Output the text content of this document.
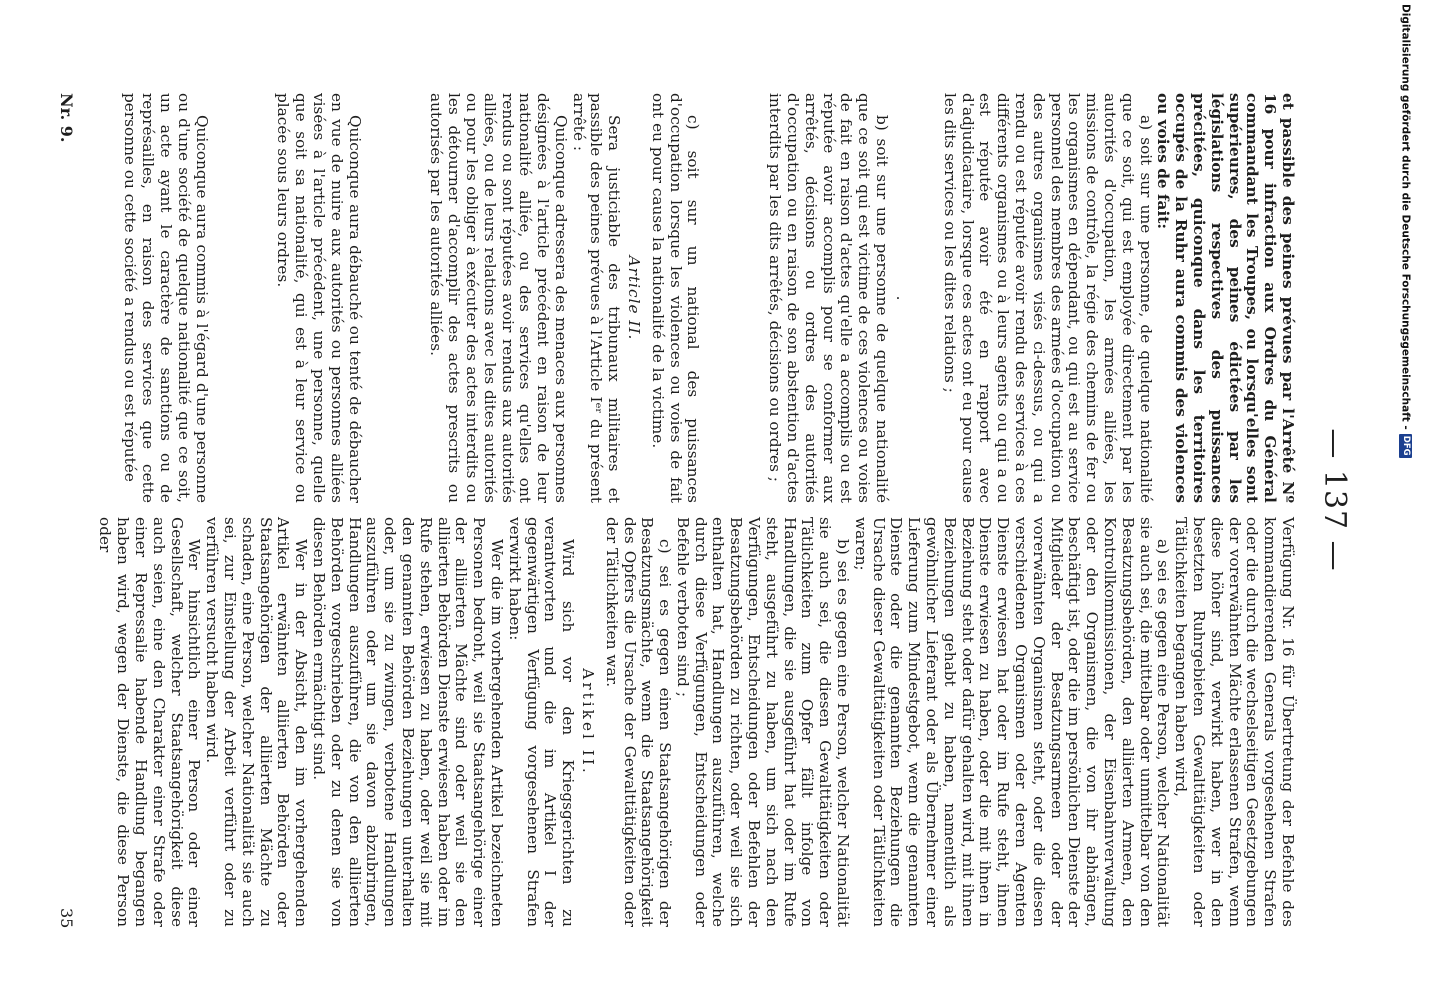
— 137 —

et passible des peines prévues par l'Arrêté Nº 16 pour infraction aux Ordres du Général commandant les Troupes, ou lorsqu'elles sont supérieures, des peines édictées par les législations respectives des puissances précitées, quiconque dans les territoires occupés de la Ruhr aura commis des violences ou voies de fait:

a) soit sur une personne, de quelque nationalité que ce soit, qui est employée directement par les autorités d'occupation, les armées alliées, les missions de contrôle, la régie des chemins de fer ou les organismes en dépendant, ou qui est au service personnel des membres des armées d'occupation ou des autres organismes visés ci-dessus, ou qui a rendu ou est réputée avoir rendu des services à ces différents organismes ou à leurs agents ou qui a ou est réputée avoir été en rapport avec d'adjudicataire, lorsque ces actes ont eu pour cause les dits services ou les dites relations ;

·

b) soit sur une personne de quelque nationalité que ce soit qui est victime de ces violences ou voies de fait en raison d'actes qu'elle a accomplis ou est réputée avoir accomplis pour se conformer aux arrêtés, décisions ou ordres des autorités d'occupation ou en raison de son abstention d'actes interdits par les dits arrêtés, décisions ou ordres ;

c) soit sur un national des puissances d'occupation lorsque les violences ou voies de fait ont eu pour cause la nationalité de la victime.

Article II.

Sera justiciable des tribunaux militaires et passible des peines prévues à l'Article Iᵉʳ du présent arrêté :

Quiconque adressera des menaces aux personnes désignées à l'article précédent en raison de leur nationalité alliée, ou des services qu'elles ont rendus ou sont réputées avoir rendus aux autorités alliées, ou de leurs relations avec les dites autorités ou pour les obliger à exécuter des actes interdits ou les détourner d'accomplir des actes prescrits ou autorisés par les autorités alliées.

Quiconque aura débauché ou tenté de débaucher en vue de nuire aux autorités ou personnes alliées visées à l'article précédent, une personne, quelle que soit sa nationalité, qui est à leur service ou placée sous leurs ordres.

Quiconque aura commis à l'égard d'une personne ou d'une société de quelque nationalité que ce soit, un acte ayant le caractère de sanctions ou de représailles, en raison des services que cette personne ou cette société a rendus ou est réputée

Verfügung Nr. 16 für Übertretung der Befehle des kommandierenden Generals vorgesehenen Strafen oder die durch die wechselseitigen Gesetzgebungen der vorerwähnten Mächte erlassenen Strafen, wenn diese höher sind, verwirkt haben, wer in den besetzten Ruhrgebieten Gewalttätigkeiten oder Tätlichkeiten begangen haben wird,

a) sei es gegen eine Person, welcher Nationalität sie auch sei, die mittelbar oder unmittelbar von den Besatzungsbehörden, den alliierten Armeen, den Kontrollkommissionen, der Eisenbahnverwaltung oder den Organismen, die von ihr abhängen, beschäftigt ist, oder die im persönlichen Dienste der Mitglieder der Besatzungsarmeen oder der vorerwähnten Organismen steht, oder die diesen verschiedenen Organismen oder deren Agenten Dienste erwiesen hat oder im Rufe steht, ihnen Dienste erwiesen zu haben, oder die mit ihnen in Beziehung steht oder dafür gehalten wird, mit ihnen Beziehungen gehabt zu haben, namentlich als gewöhnlicher Lieferant oder als Übernehmer einer Lieferung zum Mindestgebot, wenn die genannten Dienste oder die genannten Beziehungen die Ursache dieser Gewalttätigkeiten oder Tätlichkeiten waren;

b) sei es gegen eine Person, welcher Nationalität sie auch sei, die diesen Gewalttätigkeiten oder Tätlichkeiten zum Opfer fällt infolge von Handlungen, die sie ausgeführt hat oder im Rufe steht, ausgeführt zu haben, um sich nach den Verfügungen, Entscheidungen oder Befehlen der Besatzungsbehörden zu richten, oder weil sie sich enthalten hat, Handlungen auszuführen, welche durch diese Verfügungen, Entscheidungen oder Befehle verboten sind ;

c) sei es gegen einen Staatsangehörigen der Besatzungsmächte, wenn die Staatsangehörigkeit des Opfers die Ursache der Gewalttätigkeiten oder der Tätlichkeiten war.

Artikel II.

Wird sich vor den Kriegsgerichten zu verantworten und die im Artikel I der gegenwärtigen Verfügung vorgesehenen Strafen verwirkt haben:

Wer die im vorhergehenden Artikel bezeichneten Personen bedroht, weil sie Staatsangehörige einer der alliierten Mächte sind oder weil sie den alliierten Behörden Dienste erwiesen haben oder im Rufe stehen, erwiesen zu haben, oder weil sie mit den genannten Behörden Beziehungen unterhalten oder, um sie zu zwingen, verbotene Handlungen auszuführen oder um sie davon abzubringen, Handlungen auszuführen, die von den alliierten Behörden vorgeschrieben oder zu denen sie von diesen Behörden ermächtigt sind.

Wer in der Absicht, den im vorhergehenden Artikel erwähnten alliierten Behörden oder Staatsangehörigen der alliierten Mächte zu schaden, eine Person, welcher Nationalität sie auch sei, zur Einstellung der Arbeit verführt oder zu verführen versucht haben wird.

Wer hinsichtlich einer Person oder einer Gesellschaft, welcher Staatsangehörigkeit diese auch seien, eine den Charakter einer Strafe oder einer Repressalie habende Handlung begangen haben wird, wegen der Dienste, die diese Person oder

Nr. 9.
35
Digitalisierung gefördert durch die Deutsche Forschungsgemeinschaft -DFG
